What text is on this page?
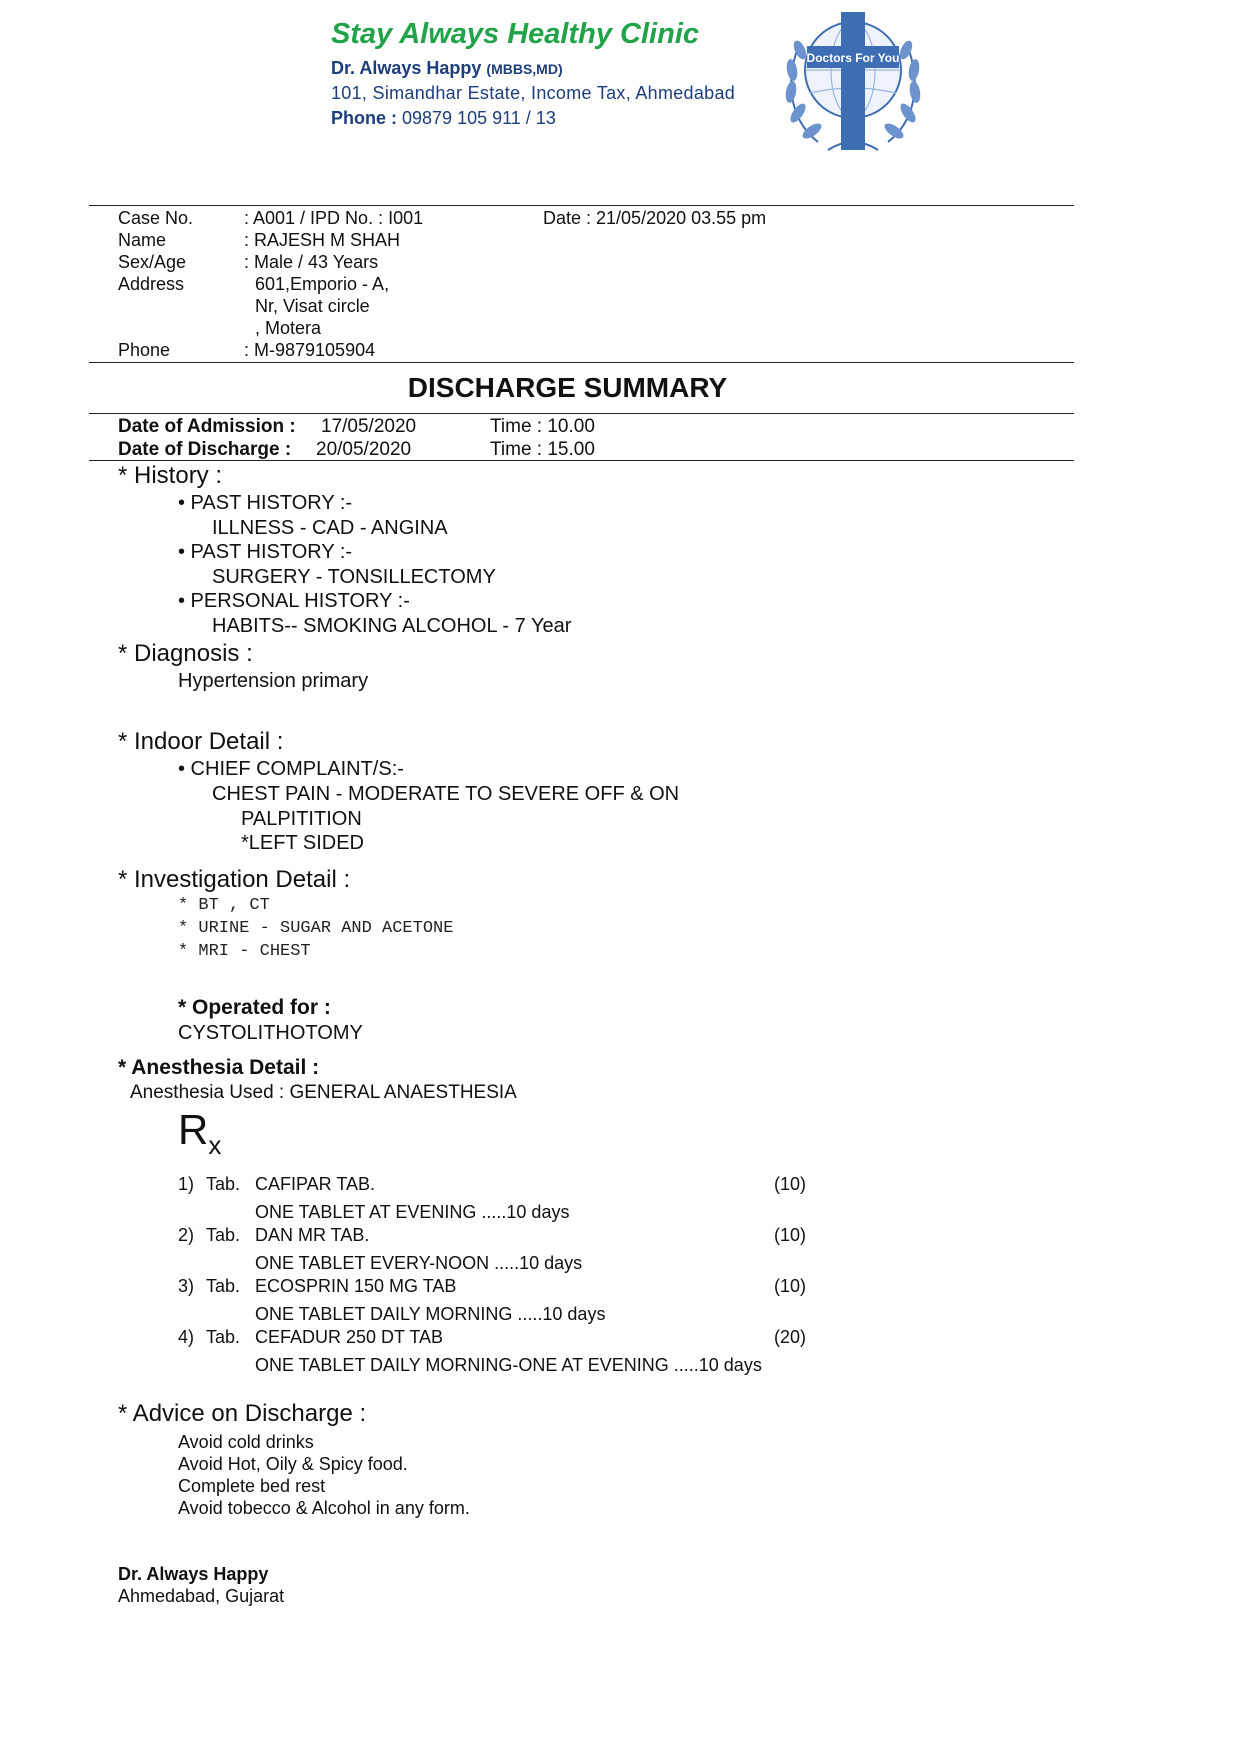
Stay Always Healthy Clinic
Dr. Always Happy (MBBS,MD)
101, Simandhar Estate, Income Tax, Ahmedabad
Phone : 09879 105 911 / 13
Doctors For You
Case No.	: A001 / IPD No. : I001	Date : 21/05/2020 03.55 pm
Name	: RAJESH M SHAH
Sex/Age	: Male / 43 Years
Address	601,Emporio - A,
Nr, Visat circle
, Motera
Phone	: M-9879105904
DISCHARGE SUMMARY
Date of Admission : 17/05/2020	Time : 10.00
Date of Discharge : 20/05/2020	Time : 15.00
* History :
• PAST HISTORY :-
ILLNESS - CAD - ANGINA
• PAST HISTORY :-
SURGERY - TONSILLECTOMY
• PERSONAL HISTORY :-
HABITS-- SMOKING ALCOHOL - 7 Year
* Diagnosis :
Hypertension primary
* Indoor Detail :
• CHIEF COMPLAINT/S:-
CHEST PAIN - MODERATE TO SEVERE OFF & ON
PALPITITION
*LEFT SIDED
* Investigation Detail :
* BT , CT
* URINE - SUGAR AND ACETONE
* MRI - CHEST
* Operated for :
CYSTOLITHOTOMY
* Anesthesia Detail :
Anesthesia Used : GENERAL ANAESTHESIA
$R_x$
1) Tab. CAFIPAR TAB.	(10)
ONE TABLET AT EVENING .....10 days
2) Tab. DAN MR TAB.	(10)
ONE TABLET EVERY-NOON .....10 days
3) Tab. ECOSPRIN 150 MG TAB	(10)
ONE TABLET DAILY MORNING .....10 days
4) Tab. CEFADUR 250 DT TAB	(20)
ONE TABLET DAILY MORNING-ONE AT EVENING .....10 days
* Advice on Discharge :
Avoid cold drinks
Avoid Hot, Oily & Spicy food.
Complete bed rest
Avoid tobecco & Alcohol in any form.
Dr. Always Happy
Ahmedabad, Gujarat
